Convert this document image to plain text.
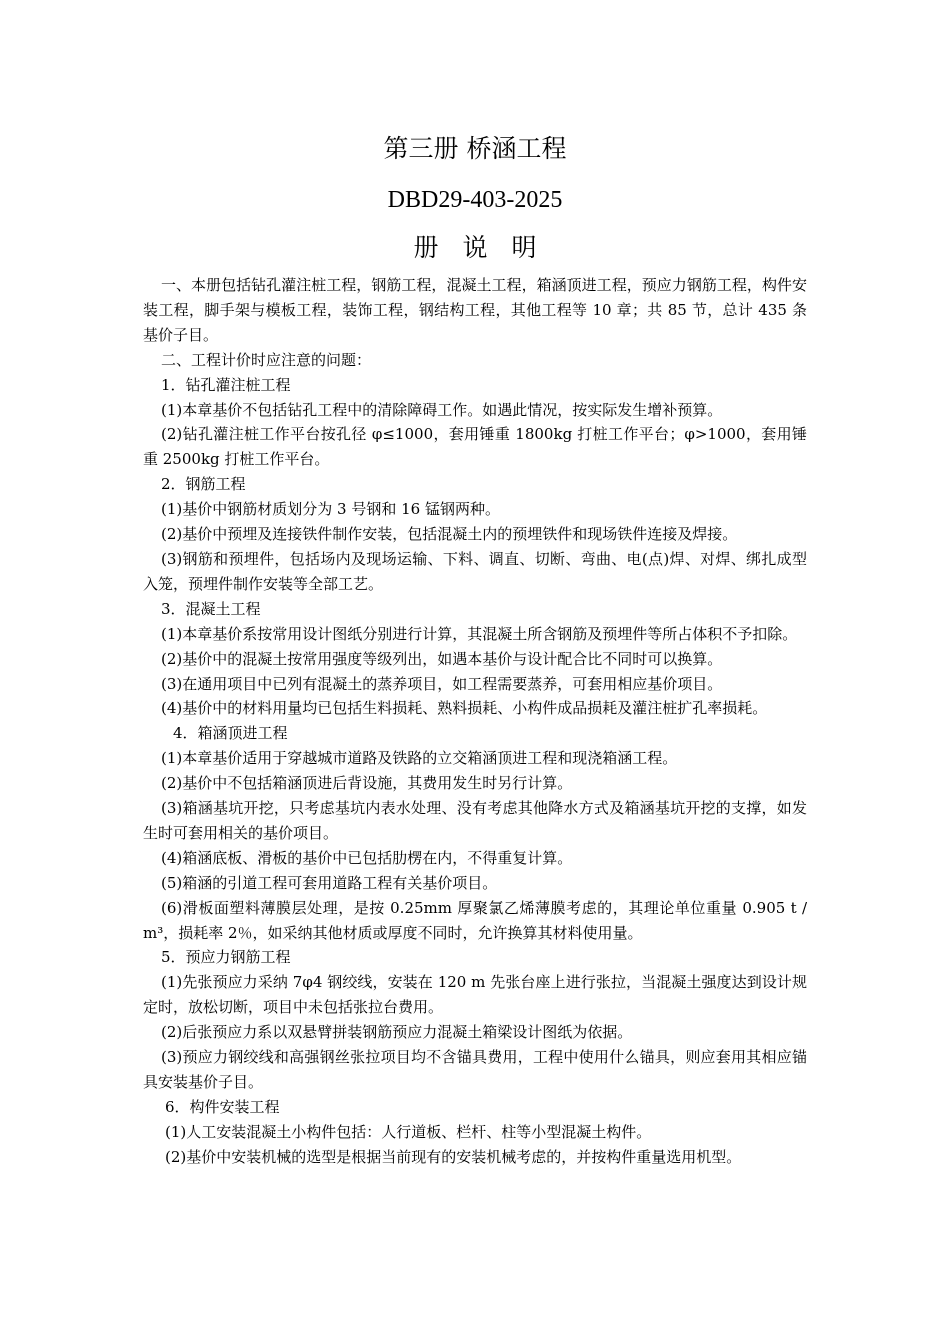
第三册 桥涵工程
DBD29-403-2025
册说明

一、本册包括钻孔灌注桩工程，钢筋工程，混凝土工程，箱涵顶进工程，预应力钢筋工程，构件安装工程，脚手架与模板工程，装饰工程，钢结构工程，其他工程等 10 章；共 85 节，总计 435 条基价子目。

二、工程计价时应注意的问题：

1．钻孔灌注桩工程

(1)本章基价不包括钻孔工程中的清除障碍工作。如遇此情况，按实际发生增补预算。

(2)钻孔灌注桩工作平台按孔径 φ≤1000，套用锤重 1800kg 打桩工作平台；φ>1000，套用锤重 2500kg 打桩工作平台。

2．钢筋工程

(1)基价中钢筋材质划分为 3 号钢和 16 锰钢两种。

(2)基价中预埋及连接铁件制作安装，包括混凝土内的预埋铁件和现场铁件连接及焊接。

(3)钢筋和预埋件，包括场内及现场运输、下料、调直、切断、弯曲、电(点)焊、对焊、绑扎成型入笼，预埋件制作安装等全部工艺。

3．混凝土工程

(1)本章基价系按常用设计图纸分别进行计算，其混凝土所含钢筋及预埋件等所占体积不予扣除。

(2)基价中的混凝土按常用强度等级列出，如遇本基价与设计配合比不同时可以换算。

(3)在通用项目中已列有混凝土的蒸养项目，如工程需要蒸养，可套用相应基价项目。

(4)基价中的材料用量均已包括生料损耗、熟料损耗、小构件成品损耗及灌注桩扩孔率损耗。

4．箱涵顶进工程

(1)本章基价适用于穿越城市道路及铁路的立交箱涵顶进工程和现浇箱涵工程。

(2)基价中不包括箱涵顶进后背设施，其费用发生时另行计算。

(3)箱涵基坑开挖，只考虑基坑内表水处理、没有考虑其他降水方式及箱涵基坑开挖的支撑，如发生时可套用相关的基价项目。

(4)箱涵底板、滑板的基价中已包括肋楞在内，不得重复计算。

(5)箱涵的引道工程可套用道路工程有关基价项目。

(6)滑板面塑料薄膜层处理，是按 0.25mm 厚聚氯乙烯薄膜考虑的，其理论单位重量 0.905 t / m³，损耗率 2％，如采纳其他材质或厚度不同时，允许换算其材料使用量。

5．预应力钢筋工程

(1)先张预应力采纳 7φ4 钢绞线，安装在 120 m 先张台座上进行张拉，当混凝土强度达到设计规定时，放松切断，项目中未包括张拉台费用。

(2)后张预应力系以双悬臂拼装钢筋预应力混凝土箱梁设计图纸为依据。

(3)预应力钢绞线和高强钢丝张拉项目均不含锚具费用，工程中使用什么锚具，则应套用其相应锚具安装基价子目。

6．构件安装工程

(1)人工安装混凝土小构件包括：人行道板、栏杆、柱等小型混凝土构件。

(2)基价中安装机械的选型是根据当前现有的安装机械考虑的，并按构件重量选用机型。
